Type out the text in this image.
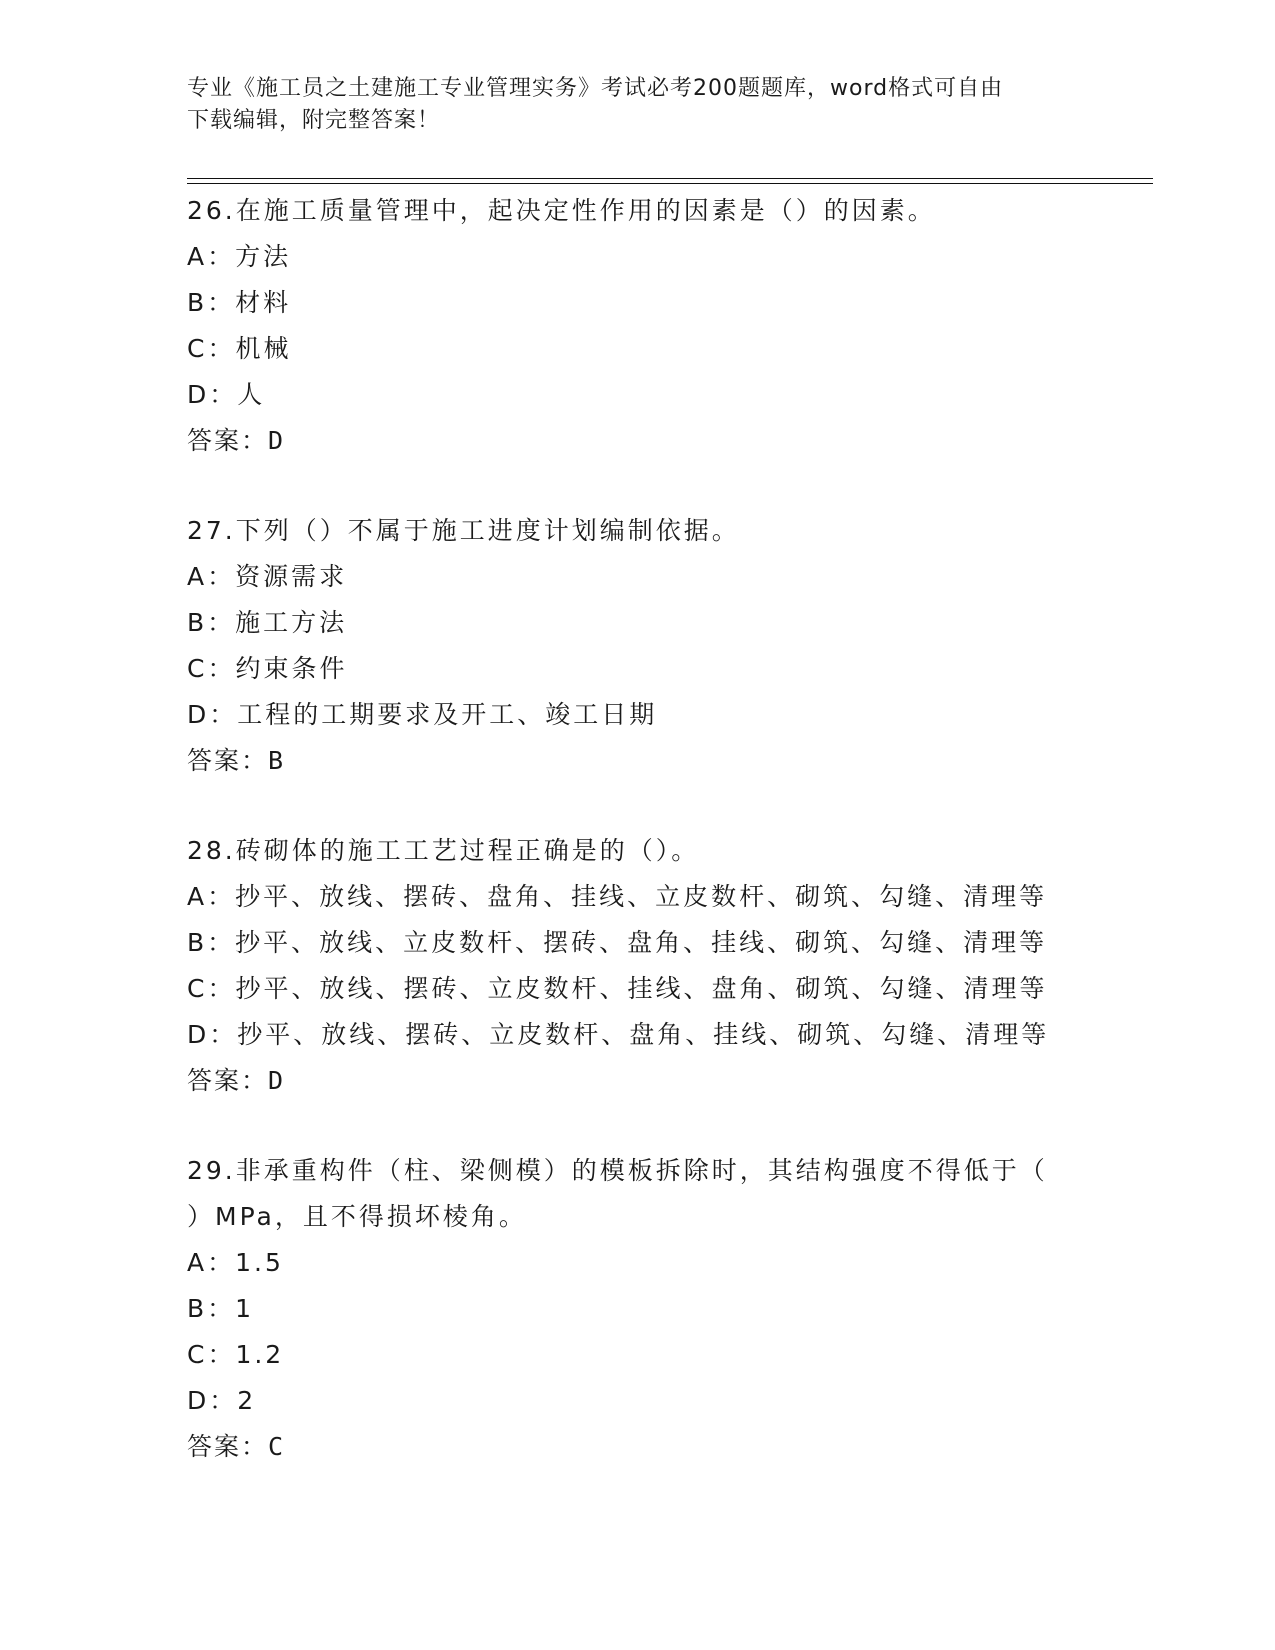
专业《施工员之土建施工专业管理实务》考试必考200题题库，word格式可自由
下载编辑，附完整答案！
26.在施工质量管理中，起决定性作用的因素是（）的因素。
A：方法
B：材料
C：机械
D：人
答案：D
27.下列（）不属于施工进度计划编制依据。
A：资源需求
B：施工方法
C：约束条件
D：工程的工期要求及开工、竣工日期
答案：B
28.砖砌体的施工工艺过程正确是的（）。
A：抄平、放线、摆砖、盘角、挂线、立皮数杆、砌筑、勾缝、清理等
B：抄平、放线、立皮数杆、摆砖、盘角、挂线、砌筑、勾缝、清理等
C：抄平、放线、摆砖、立皮数杆、挂线、盘角、砌筑、勾缝、清理等
D：抄平、放线、摆砖、立皮数杆、盘角、挂线、砌筑、勾缝、清理等
答案：D
29.非承重构件（柱、梁侧模）的模板拆除时，其结构强度不得低于（
）MPa，且不得损坏棱角。
A：1.5
B：1
C：1.2
D：2
答案：C
